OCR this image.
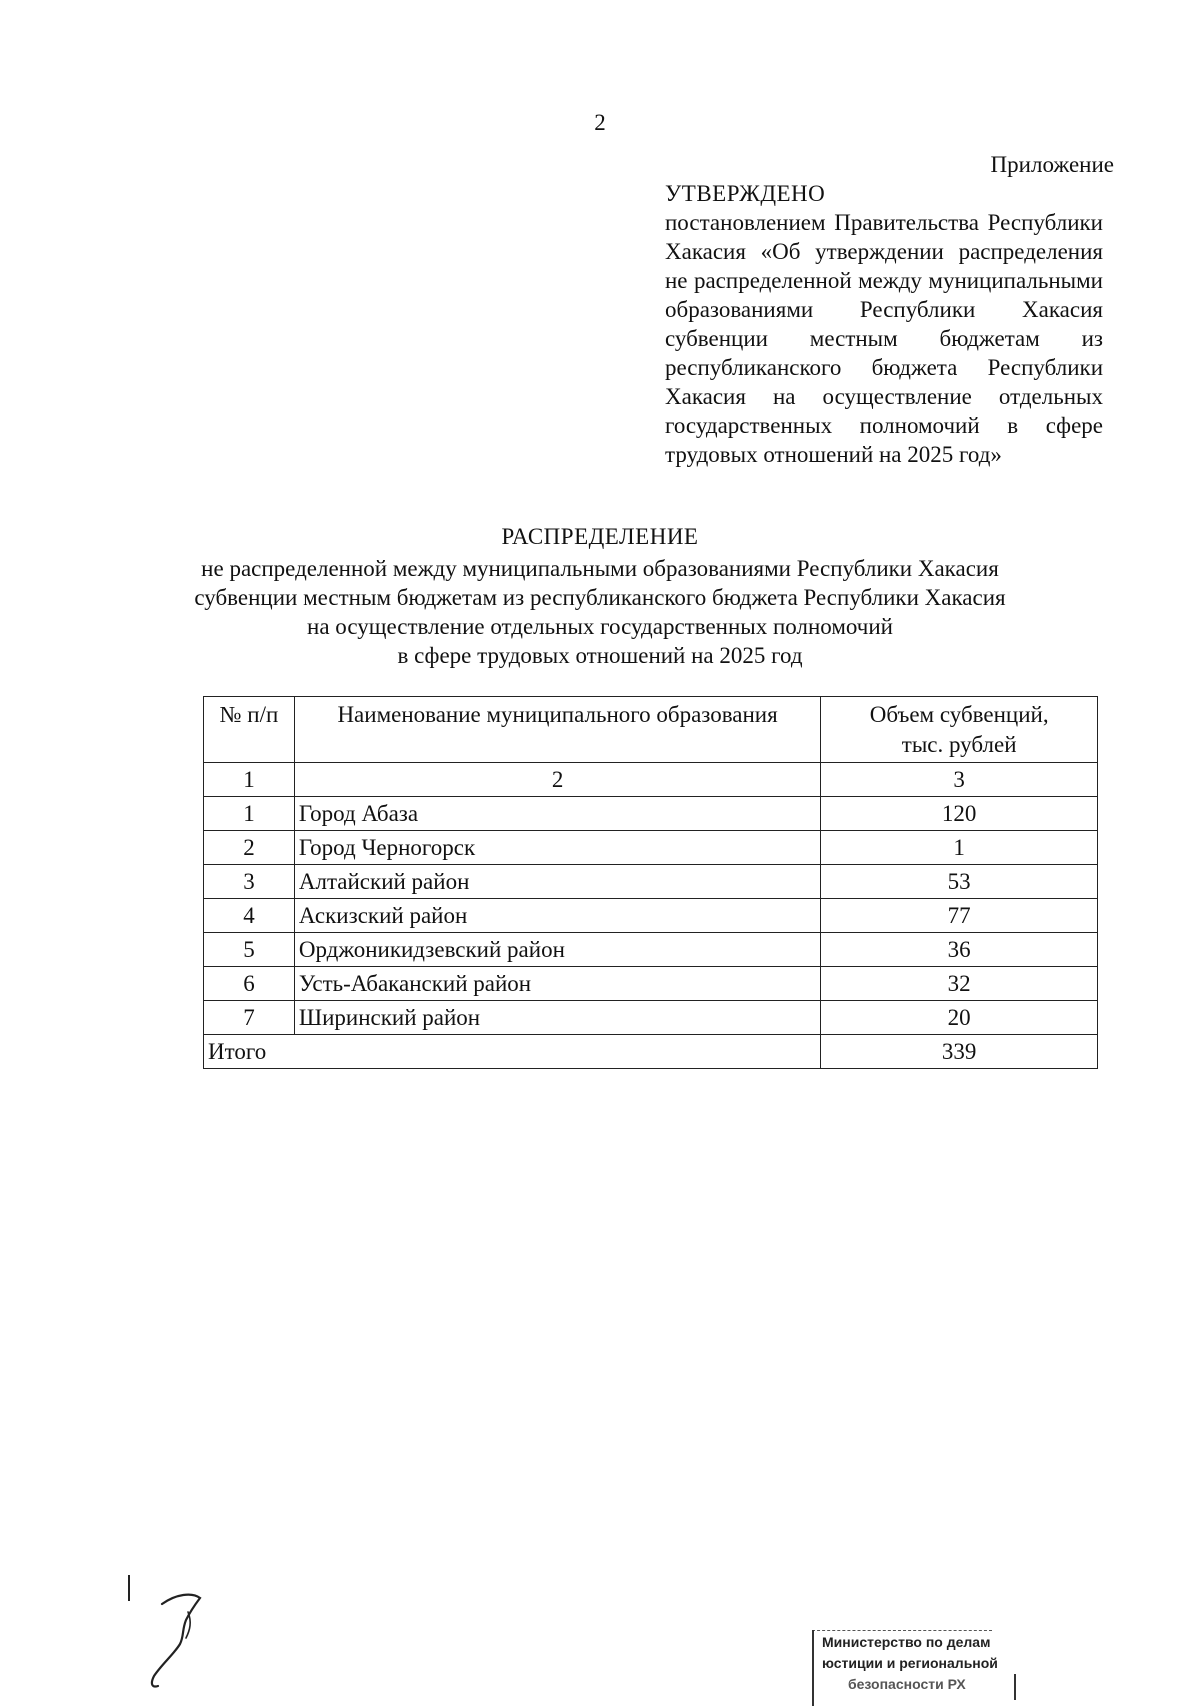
2
Приложение
УТВЕРЖДЕНО
постановлением Правительства Республики Хакасия «Об утверждении распределения не распределенной между муниципальными образованиями Республики Хакасия субвенции местным бюджетам из республиканского бюджета Республики Хакасия на осуществление отдельных государственных полномочий в сфере трудовых отношений на 2025 год»
РАСПРЕДЕЛЕНИЕ
не распределенной между муниципальными образованиями Республики Хакасия
субвенции местным бюджетам из республиканского бюджета Республики Хакасия
на осуществление отдельных государственных полномочий
в сфере трудовых отношений на 2025 год
№ п/п	Наименование муниципального образования	Объем субвенций,
тыс. рублей

1	2	3
1	Город Абаза	120
2	Город Черногорск	1
3	Алтайский район	53
4	Аскизский район	77
5	Орджоникидзевский район	36
6	Усть-Абаканский район	32
7	Ширинский район	20
Итого		339
Министерство по делам
юстиции и региональной
безопасности РХ
